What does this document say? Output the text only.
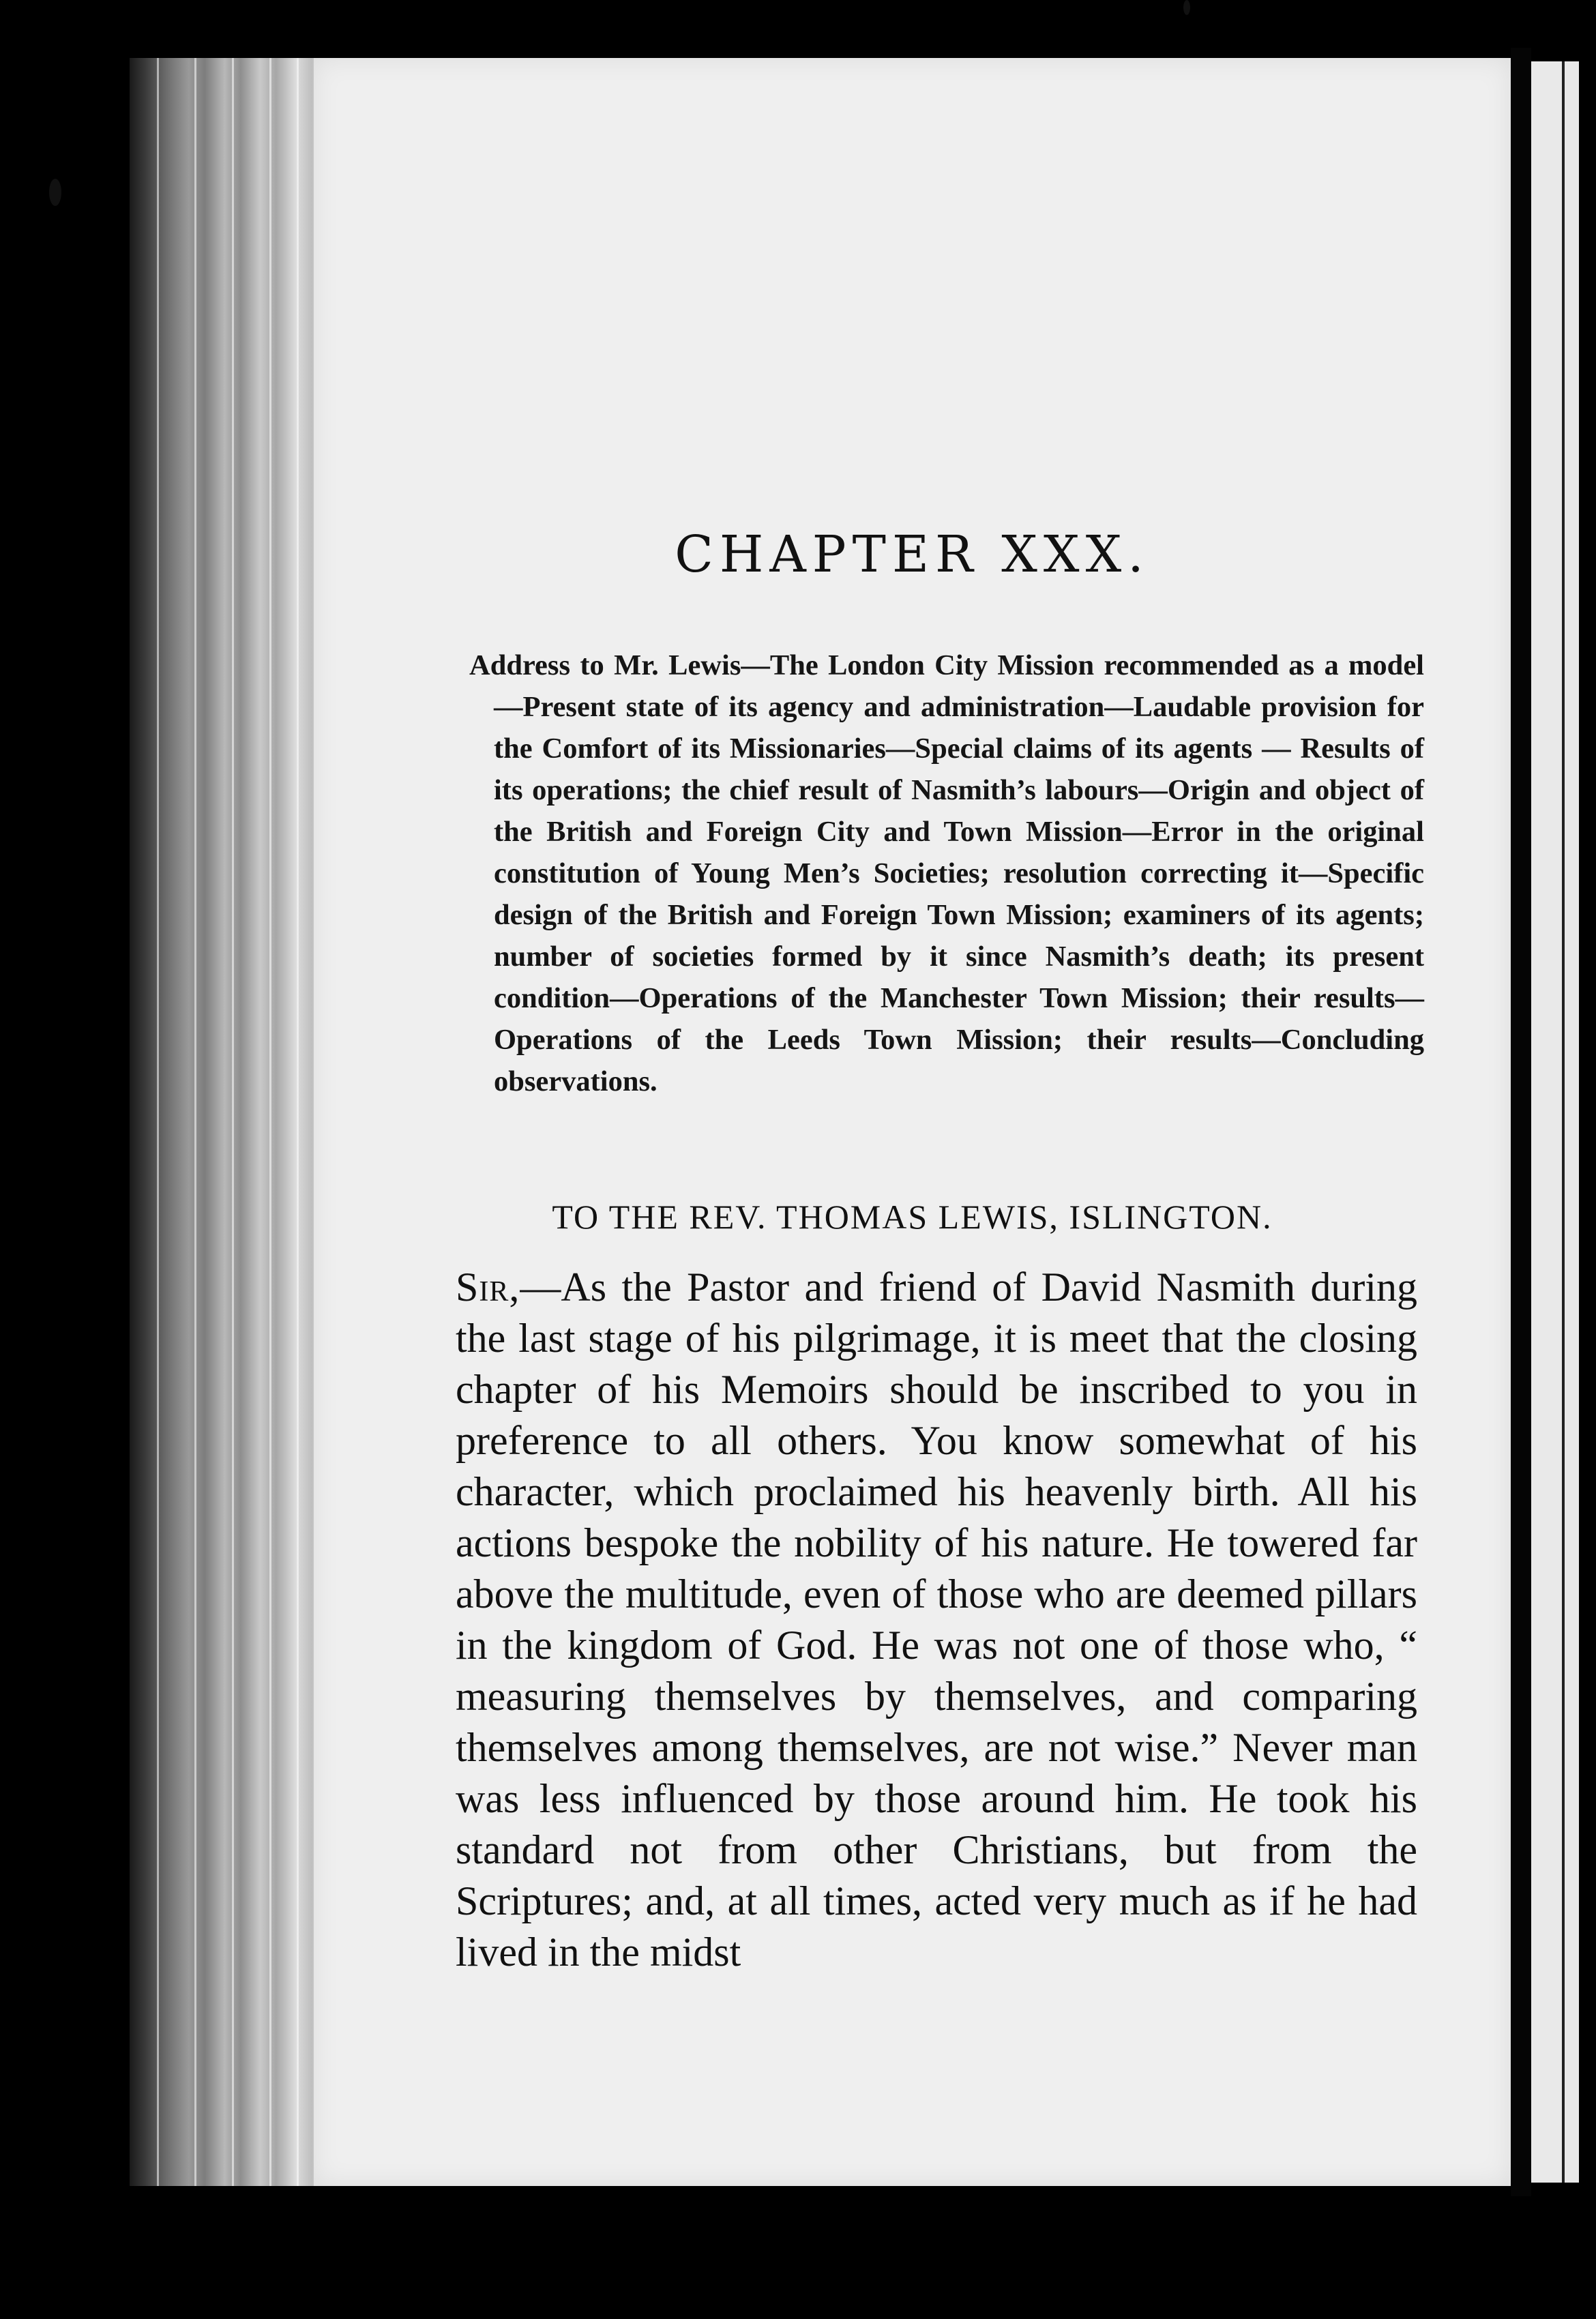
CHAPTER XXX.

Address to Mr. Lewis—The London City Mission recommended as a model—Present state of its agency and administration—Laudable provision for the Comfort of its Missionaries—Special claims of its agents — Results of its operations; the chief result of Nasmith’s labours—Origin and object of the British and Foreign City and Town Mission—Error in the original constitution of Young Men’s Societies; resolution correcting it—Specific design of the British and Foreign Town Mission; examiners of its agents; number of societies formed by it since Nasmith’s death; its present condition—Operations of the Manchester Town Mission; their results—Operations of the Leeds Town Mission; their results—Concluding observations.

TO THE REV. THOMAS LEWIS, ISLINGTON.

Sir,—As the Pastor and friend of David Nasmith during the last stage of his pilgrimage, it is meet that the closing chapter of his Memoirs should be inscribed to you in preference to all others. You know somewhat of his character, which proclaimed his heavenly birth. All his actions bespoke the nobility of his nature. He towered far above the multitude, even of those who are deemed pillars in the kingdom of God. He was not one of those who, “ measuring themselves by themselves, and comparing themselves among themselves, are not wise.” Never man was less influenced by those around him. He took his standard not from other Christians, but from the Scriptures; and, at all times, acted very much as if he had lived in the midst
